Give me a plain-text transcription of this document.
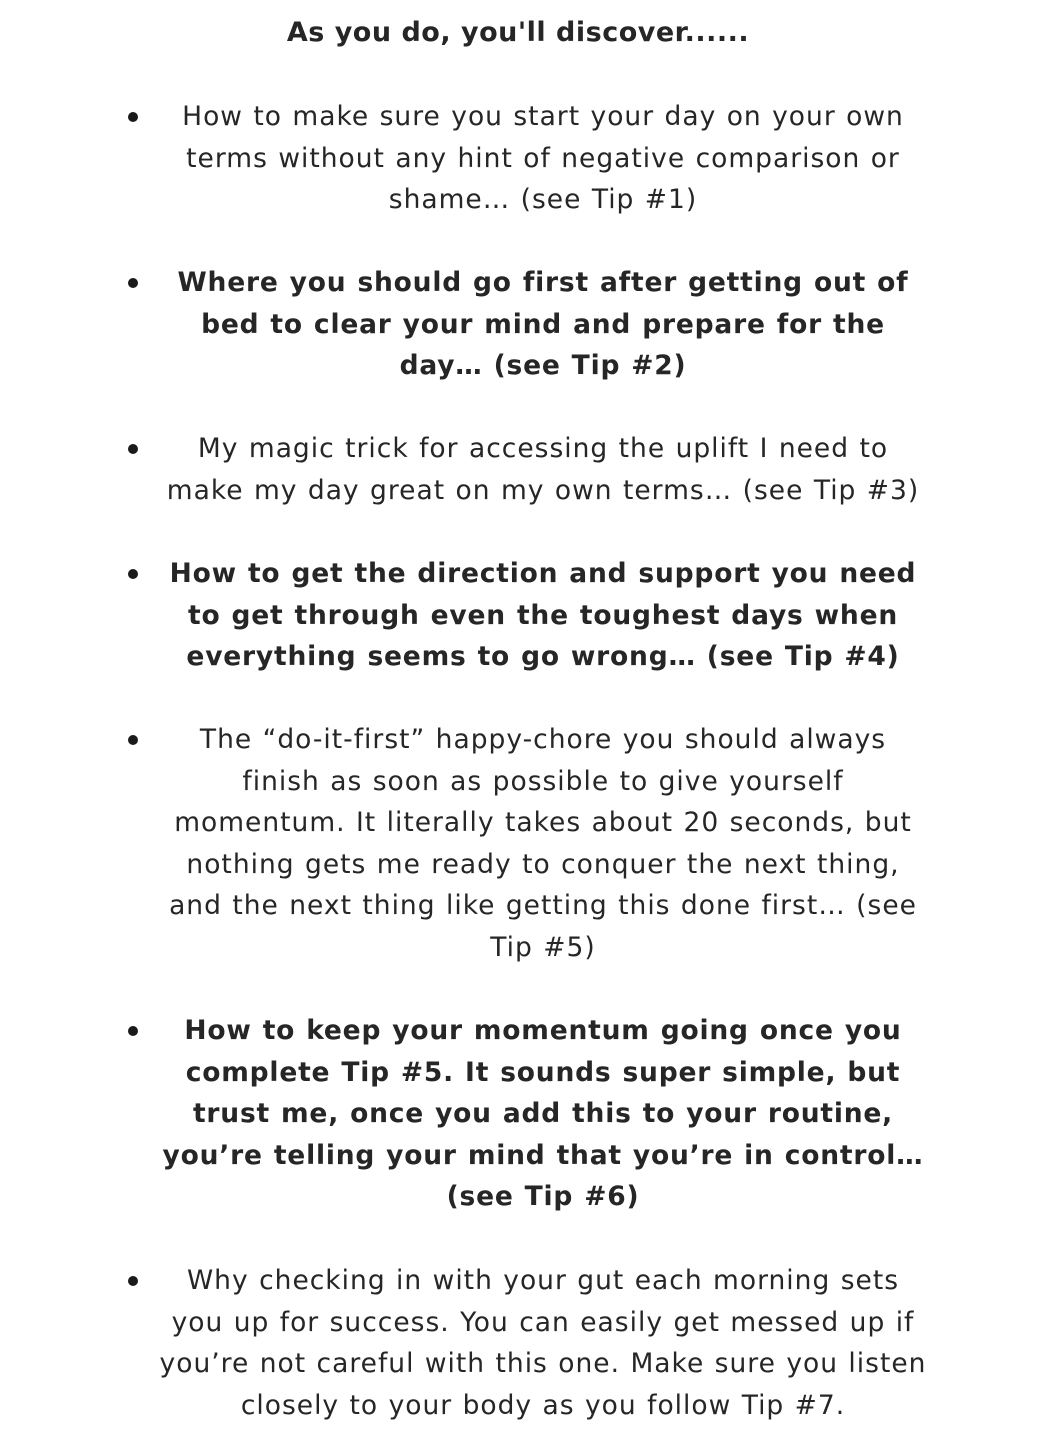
As you do, you'll discover......

How to make sure you start your day on your own terms without any hint of negative comparison or shame… (see Tip #1)

Where you should go first after getting out of bed to clear your mind and prepare for the day… (see Tip #2)

My magic trick for accessing the uplift I need to make my day great on my own terms… (see Tip #3)

How to get the direction and support you need to get through even the toughest days when everything seems to go wrong… (see Tip #4)

The “do-it-first” happy-chore you should always finish as soon as possible to give yourself momentum. It literally takes about 20 seconds, but nothing gets me ready to conquer the next thing, and the next thing like getting this done first… (see Tip #5)

How to keep your momentum going once you complete Tip #5. It sounds super simple, but trust me, once you add this to your routine, you’re telling your mind that you’re in control… (see Tip #6)

Why checking in with your gut each morning sets you up for success. You can easily get messed up if you’re not careful with this one. Make sure you listen closely to your body as you follow Tip #7.
